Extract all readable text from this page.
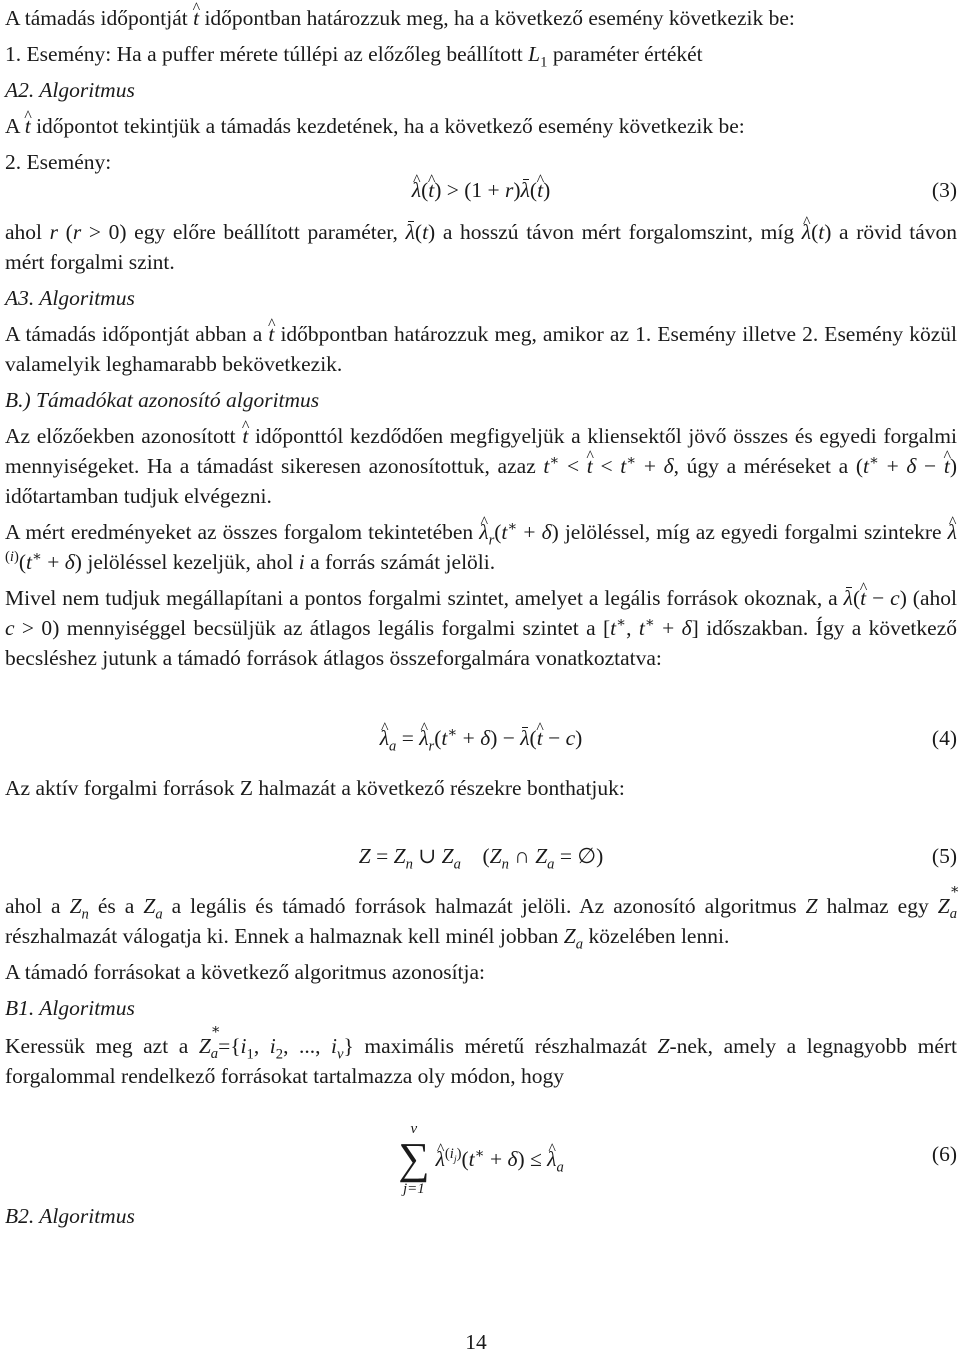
A támadás időpontját ^ t időpontban határozzuk meg, ha a következő esemény következik be:

1. Esemény: Ha a puffer mérete túllépi az előzőleg beállított $L_1$ paraméter értékét

A2. Algoritmus

A ^ t időpontot tekintjük a támadás kezdetének, ha a következő esemény következik be:

2. Esemény:

^ λ(^ t) > (1 + r)λ(^ t)	(3)

ahol r (r > 0) egy előre beállított paraméter, λ(t) a hosszú távon mért forgalomszint, míg ^ λ(t) a rövid távon mért forgalmi szint.

A3. Algoritmus

A támadás időpontját abban a ^ t időbpontban határozzuk meg, amikor az 1. Esemény illetve 2. Esemény közül valamelyik leghamarabb bekövetkezik.

B.) Támadókat azonosító algoritmus

Az előzőekben azonosított ^ t időponttól kezdődően megfigyeljük a kliensektől jövő összes és egyedi forgalmi mennyiségeket. Ha a támadást sikeresen azonosítottuk, azaz t∗ < ^ t < t∗ + δ, úgy a méréseket a (t∗ + δ − ^ t) időtartamban tudjuk elvégezni.

A mért eredményeket az összes forgalom tekintetében ^ $\lambda_r(t^∗ + \delta)$ jelöléssel, míg az egyedi forgalmi szintekre ^ $\lambda^{(i)}(t^∗ + \delta)$ jelöléssel kezeljük, ahol i a forrás számát jelöli.

Mivel nem tudjuk megállapítani a pontos forgalmi szintet, amelyet a legális források okoznak, a λ(^ t − c) (ahol c > 0) mennyiséggel becsüljük az átlagos legális forgalmi szintet a [t∗, t∗ + δ] időszakban. Így a következő becsléshez jutunk a támadó források átlagos összeforgalmára vonatkoztatva:

^ $\lambda_a$ = ^ $\lambda_r(t^∗ + \delta)$ − λ(^ t − c)	(4)

Az aktív forgalmi források Z halmazát a következő részekre bonthatjuk:

$Z = Z_n$ ∪ $Z_a$    ($Z_n$ ∩ $Z_a$ = ∅)	(5)

ahol a $Z_n$ és a $Z_a$ a legális és támadó források halmazát jelöli. Az azonosító algoritmus Z halmaz egy Z
$_{∗ a}$ részhalmazát válogatja ki. Ennek a halmaznak kell minél jobban $Z_a$ közelében lenni.

A támadó forrásokat a következő algoritmus azonosítja:

B1. Algoritmus

Keressük meg azt a Z
$_{∗ a}=\{i_1$, $i_2$, ..., $i_v$} maximális méretű részhalmazát Z-nek, amely a legnagyobb mért forgalommal rendelkező forrásokat tartalmazza oly módon, hogy

v
∑
j=1
^ $\lambda^{(i_j)}(t^∗ + \delta)$ ≤ ^ $\lambda_a$
(6)

B2. Algoritmus

14
